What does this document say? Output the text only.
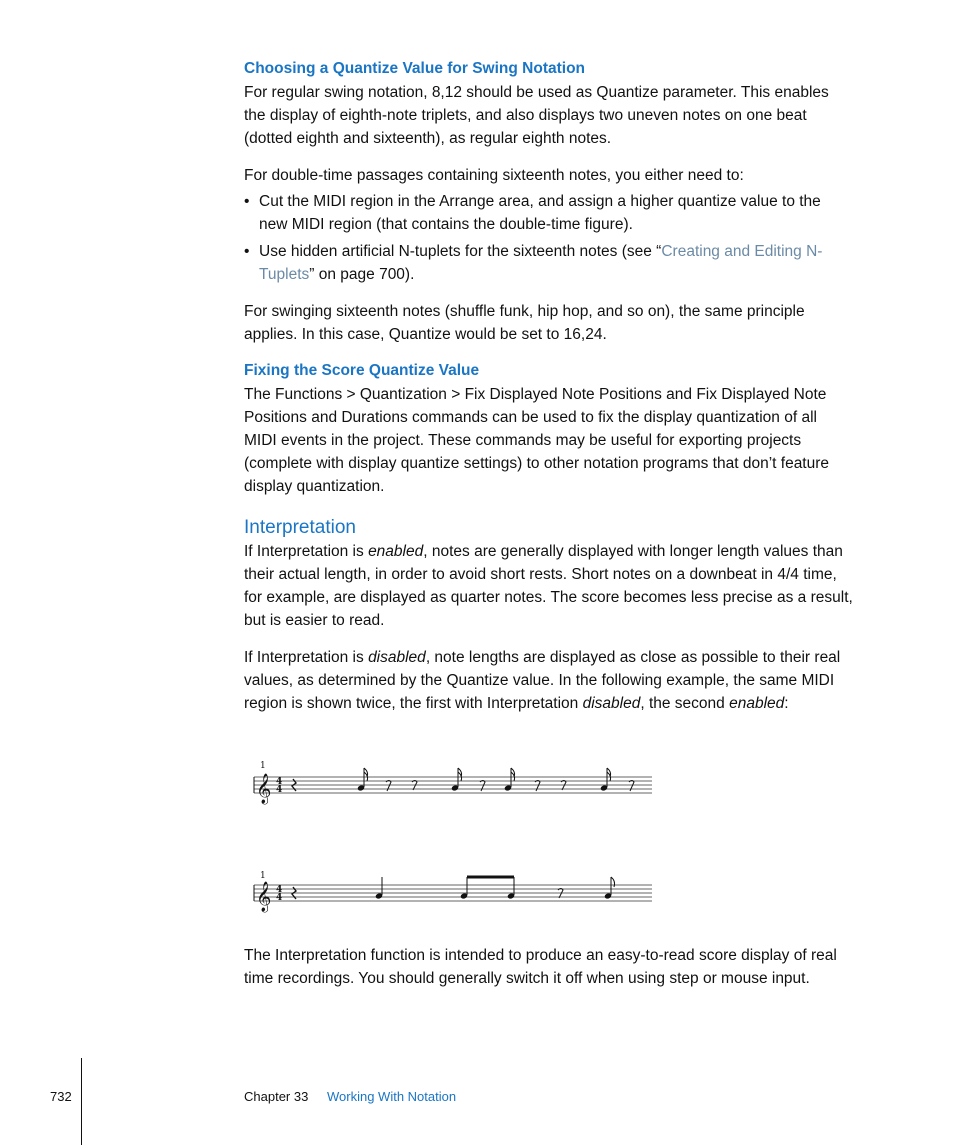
Choosing a Quantize Value for Swing Notation
For regular swing notation, 8,12 should be used as Quantize parameter. This enables
the display of eighth-note triplets, and also displays two uneven notes on one beat
(dotted eighth and sixteenth), as regular eighth notes.
For double-time passages containing sixteenth notes, you either need to:
• Cut the MIDI region in the Arrange area, and assign a higher quantize value to the
new MIDI region (that contains the double-time figure).
• Use hidden artificial N-tuplets for the sixteenth notes (see “Creating and Editing N-
Tuplets” on page 700).
For swinging sixteenth notes (shuffle funk, hip hop, and so on), the same principle
applies. In this case, Quantize would be set to 16,24.
Fixing the Score Quantize Value
The Functions > Quantization > Fix Displayed Note Positions and Fix Displayed Note
Positions and Durations commands can be used to fix the display quantization of all
MIDI events in the project. These commands may be useful for exporting projects
(complete with display quantize settings) to other notation programs that don’t feature
display quantization.
Interpretation
If Interpretation is enabled, notes are generally displayed with longer length values than
their actual length, in order to avoid short rests. Short notes on a downbeat in 4/4 time,
for example, are displayed as quarter notes. The score becomes less precise as a result,
but is easier to read.
If Interpretation is disabled, note lengths are displayed as close as possible to their real
values, as determined by the Quantize value. In the following example, the same MIDI
region is shown twice, the first with Interpretation disabled, the second enabled:
1
𝄞 4
4
1
𝄞 4
4
The Interpretation function is intended to produce an easy-to-read score display of real
time recordings. You should generally switch it off when using step or mouse input.
732	Chapter 33 Working With Notation
